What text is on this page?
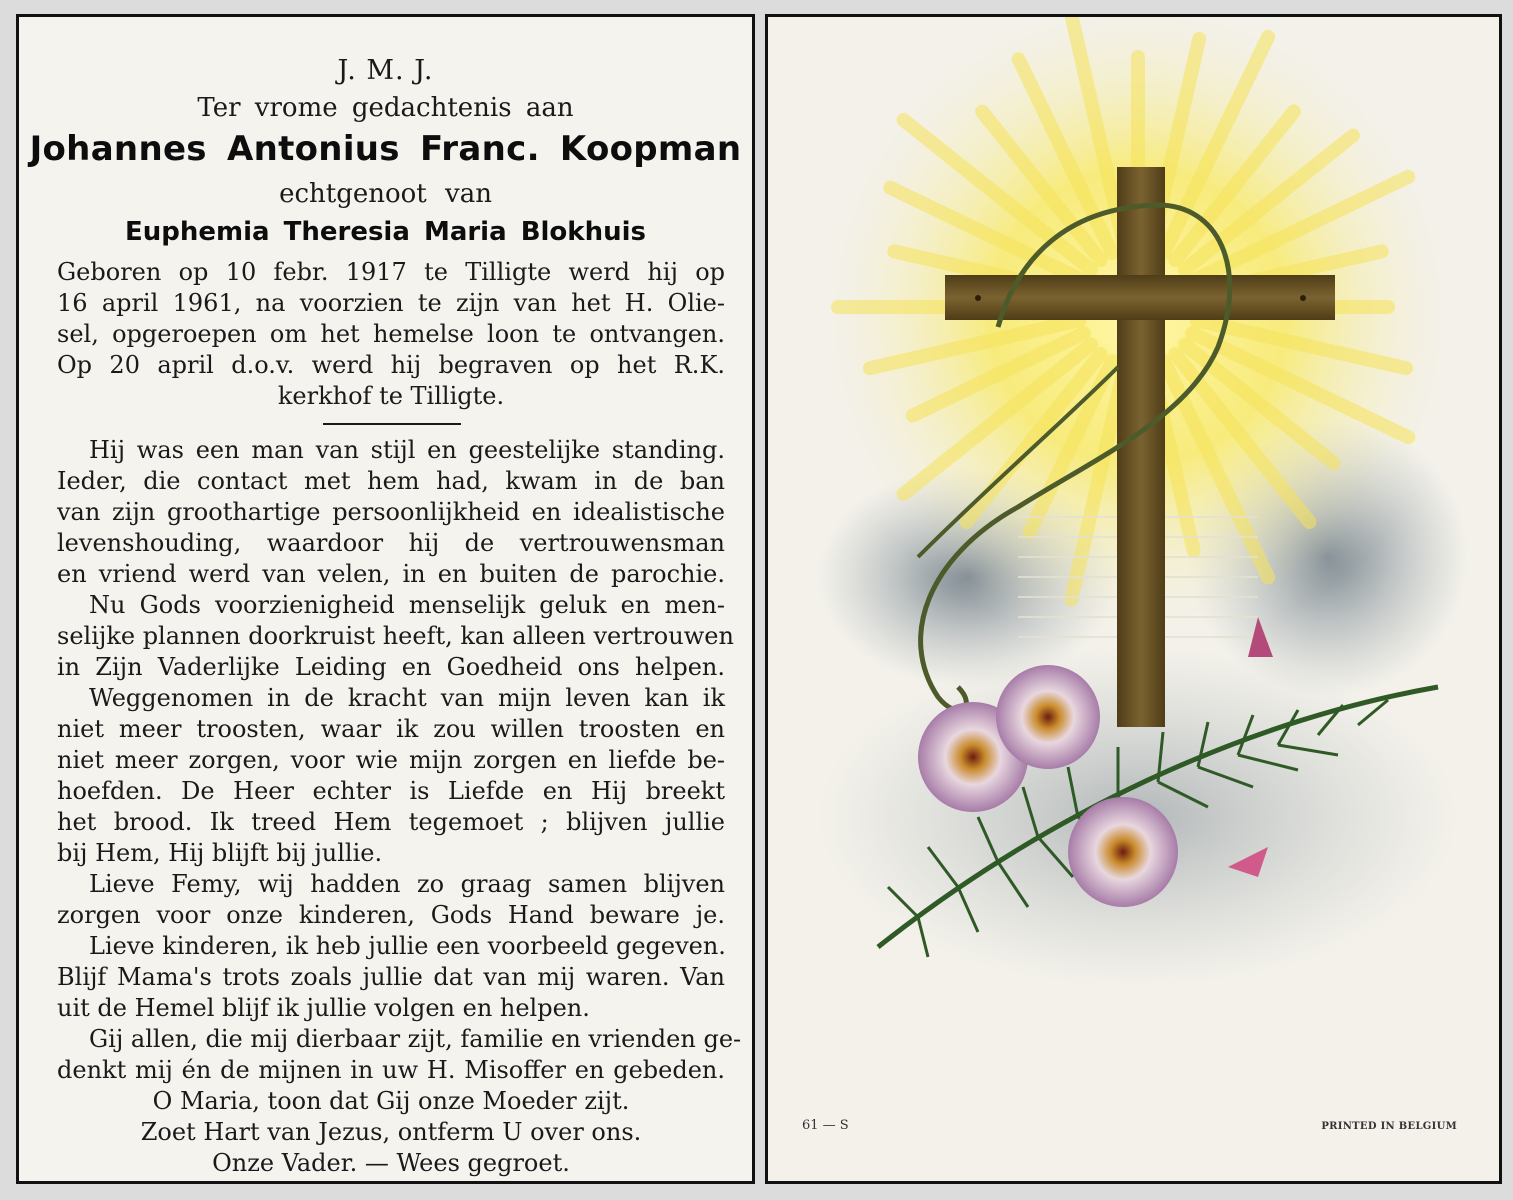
J. M. J.
Ter vrome gedachtenis aan
Johannes Antonius Franc. Koopman
echtgenoot van
Euphemia Theresia Maria Blokhuis
Geboren op 10 febr. 1917 te Tilligte werd hij op
16 april 1961, na voorzien te zijn van het H. Olie-
sel, opgeroepen om het hemelse loon te ontvangen.
Op 20 april d.o.v. werd hij begraven op het R.K.
kerkhof te Tilligte.
Hij was een man van stijl en geestelijke standing.
Ieder, die contact met hem had, kwam in de ban
van zijn groothartige persoonlijkheid en idealistische
levenshouding, waardoor hij de vertrouwensman
en vriend werd van velen, in en buiten de parochie.
Nu Gods voorzienigheid menselijk geluk en men-
selijke plannen doorkruist heeft, kan alleen vertrouwen
in Zijn Vaderlijke Leiding en Goedheid ons helpen.
Weggenomen in de kracht van mijn leven kan ik
niet meer troosten, waar ik zou willen troosten en
niet meer zorgen, voor wie mijn zorgen en liefde be-
hoefden. De Heer echter is Liefde en Hij breekt
het brood. Ik treed Hem tegemoet ; blijven jullie
bij Hem, Hij blijft bij jullie.
Lieve Femy, wij hadden zo graag samen blijven
zorgen voor onze kinderen, Gods Hand beware je.
Lieve kinderen, ik heb jullie een voorbeeld gegeven.
Blijf Mama's trots zoals jullie dat van mij waren. Van
uit de Hemel blijf ik jullie volgen en helpen.
Gij allen, die mij dierbaar zijt, familie en vrienden ge-
denkt mij én de mijnen in uw H. Misoffer en gebeden.
O Maria, toon dat Gij onze Moeder zijt.
Zoet Hart van Jezus, ontferm U over ons.
Onze Vader. — Wees gegroet.
61 — S	PRINTED IN BELGIUM
